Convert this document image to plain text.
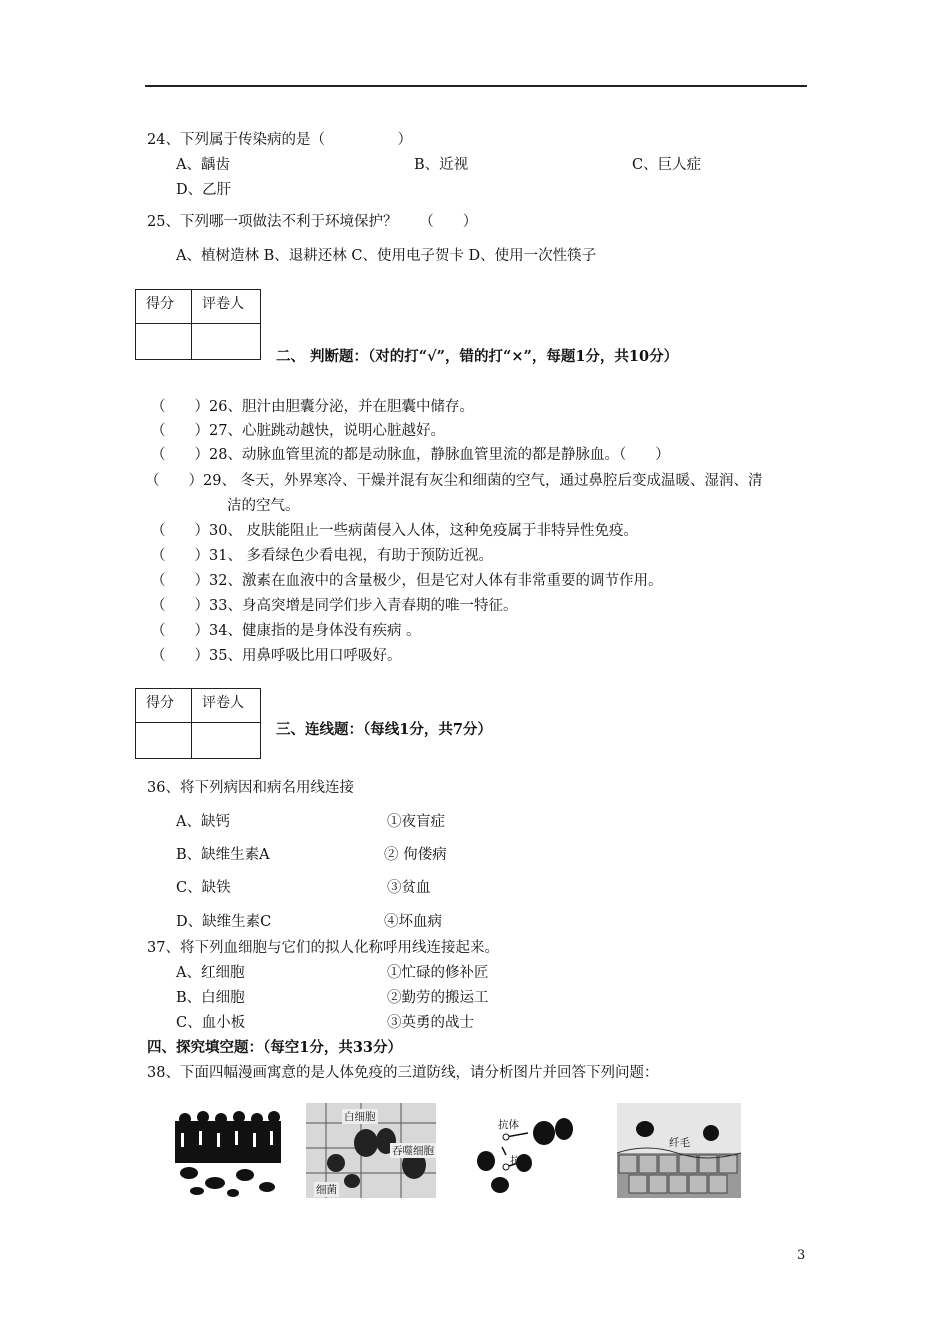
24、下列属于传染病的是（　　　　　）
A、龋齿	B、近视	C、巨人症
D、乙肝
25、下列哪一项做法不利于环境保护？　　（　　）
A、植树造林 B、退耕还林 C、使用电子贺卡 D、使用一次性筷子
得分	评卷人

二、 判断题：（对的打“√”，错的打“×”，每题1分，共10分）
（　　）26、胆汁由胆囊分泌，并在胆囊中储存。
（　　）27、心脏跳动越快，说明心脏越好。
（　　）28、动脉血管里流的都是动脉血，静脉血管里流的都是静脉血。（　　）
（　　）29、 冬天，外界寒冷、干燥并混有灰尘和细菌的空气，通过鼻腔后变成温暖、湿润、清
洁的空气。
（　　）30、 皮肤能阻止一些病菌侵入人体，这种免疫属于非特异性免疫。
（　　）31、 多看绿色少看电视，有助于预防近视。
（　　）32、激素在血液中的含量极少，但是它对人体有非常重要的调节作用。
（　　）33、身高突增是同学们步入青春期的唯一特征。
（　　）34、健康指的是身体没有疾病 。
（　　）35、用鼻呼吸比用口呼吸好。
得分	评卷人

三、连线题：（每线1分，共7分）
36、将下列病因和病名用线连接
A、缺钙	①夜盲症
B、缺维生素A	② 佝偻病
C、缺铁	③贫血
D、缺维生素C	④坏血病
37、将下列血细胞与它们的拟人化称呼用线连接起来。
A、红细胞	①忙碌的修补匠
B、白细胞	②勤劳的搬运工
C、血小板	③英勇的战士
四、探究填空题：（每空1分，共33分）
38、下面四幅漫画寓意的是人体免疫的三道防线，请分析图片并回答下列问题：
白细胞
吞噬细胞
细菌
抗体
抗体
纤毛
3
